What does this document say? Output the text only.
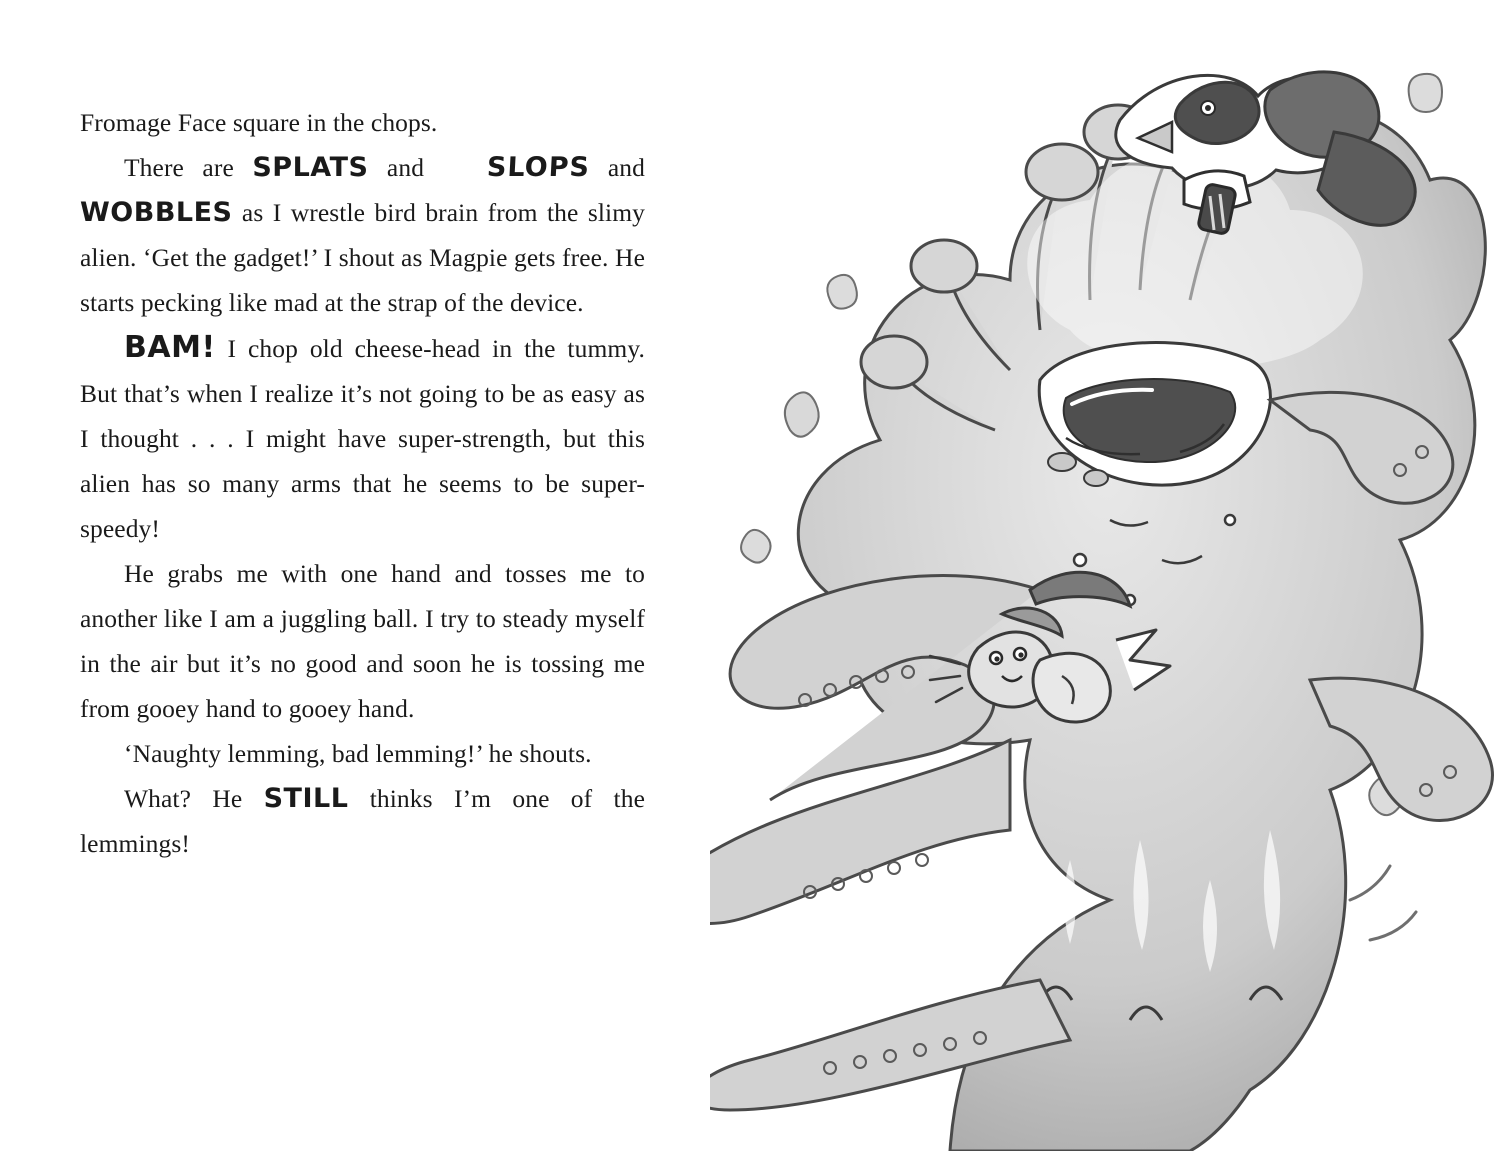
Fromage Face square in the chops.

There are SPLATS and SLOPS and WOBBLES as I wrestle bird brain from the slimy alien. ‘Get the gadget!’ I shout as Magpie gets free. He starts pecking like mad at the strap of the device.

BAM! I chop old cheese-head in the tummy. But that’s when I realize it’s not going to be as easy as I thought . . . I might have super-strength, but this alien has so many arms that he seems to be super-speedy!

He grabs me with one hand and tosses me to another like I am a juggling ball. I try to steady myself in the air but it’s no good and soon he is tossing me from gooey hand to gooey hand.

‘Naughty lemming, bad lemming!’ he shouts.

What? He STILL thinks I’m one of the lemmings!
